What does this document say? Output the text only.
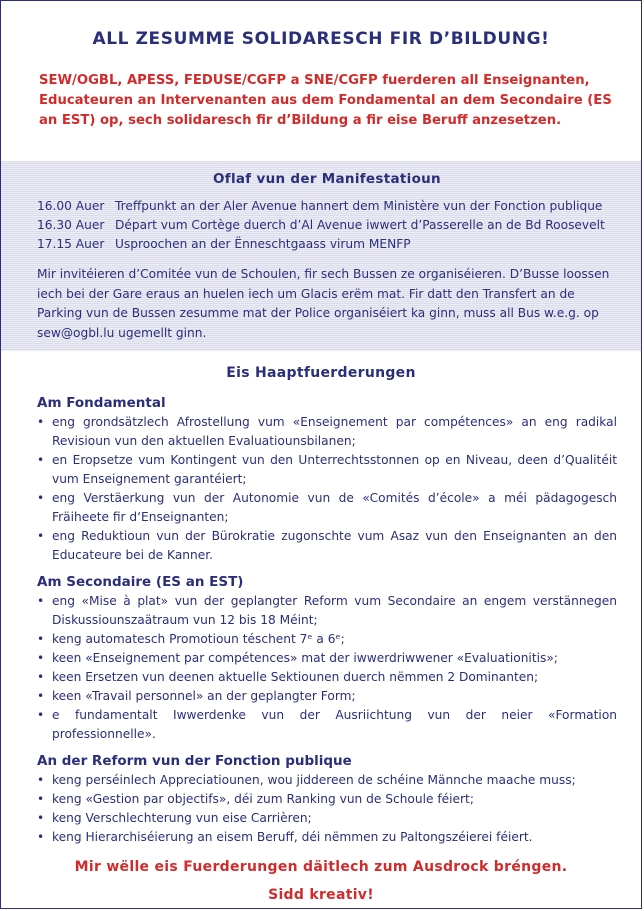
ALL ZESUMME SOLIDARESCH FIR D’BILDUNG!
SEW/OGBL, APESS, FEDUSE/CGFP a SNE/CGFP fuerderen all Enseignanten, Educateuren an Intervenanten aus dem Fondamental an dem Secondaire (ES an EST) op, sech solidaresch fir d’Bildung a fir eise Beruff anzesetzen.
Oflaf vun der Manifestatioun
16.00 Auer Treffpunkt an der Aler Avenue hannert dem Ministère vun der Fonction publique
16.30 Auer Départ vum Cortège duerch d’Al Avenue iwwert d’Passerelle an de Bd Roosevelt
17.15 Auer Usproochen an der Ënneschtgaass virum MENFP
Mir invitéieren d’Comitée vun de Schoulen, fir sech Bussen ze organiséieren. D’Busse loossen iech bei der Gare eraus an huelen iech um Glacis erëm mat. Fir datt den Transfert an de Parking vun de Bussen zesumme mat der Police organiséiert ka ginn, muss all Bus w.e.g. op sew@ogbl.lu ugemellt ginn.
Eis Haaptfuerderungen
Am Fondamental
• eng grondsätzlech Afrostellung vum «Enseignement par compétences» an eng radikal Revisioun vun den aktuellen Evaluatiounsbilanen;
• en Eropsetze vum Kontingent vun den Unterrechtsstonnen op en Niveau, deen d’Qualitéit vum Enseignement garantéiert;
• eng Verstäerkung vun der Autonomie vun de «Comités d’école» a méi pädagogesch Fräiheete fir d‘Enseignanten;
• eng Reduktioun vun der Bürokratie zugonschte vum Asaz vun den Enseignanten an den Educateure bei de Kanner.
Am Secondaire (ES an EST)
• eng «Mise à plat» vun der geplangter Reform vum Secondaire an engem verstännegen Diskussiounszаätraum vun 12 bis 18 Méint;
• keng automatesch Promotioun téschent 7ᵉ a 6ᵉ;
• keen «Enseignement par compétences» mat der iwwerdriwwener «Evaluationitis»;
• keen Ersetzen vun deenen aktuelle Sektiounen duerch nëmmen 2 Dominanten;
• keen «Travail personnel» an der geplangter Form;
• e fundamentalt Iwwerdenke vun der Ausriichtung vun der neier «Formation professionnelle».
An der Reform vun der Fonction publique
• keng perséinlech Appreciatiounen, wou jiddereen de schéine Männche maache muss;
• keng «Gestion par objectifs», déi zum Ranking vun de Schoule féiert;
• keng Verschlechterung vun eise Carrièren;
• keng Hierarchiséierung an eisem Beruff, déi nëmmen zu Paltongszéierei féiert.
Mir wëlle eis Fuerderungen däitlech zum Ausdrock bréngen.
Sidd kreativ!
